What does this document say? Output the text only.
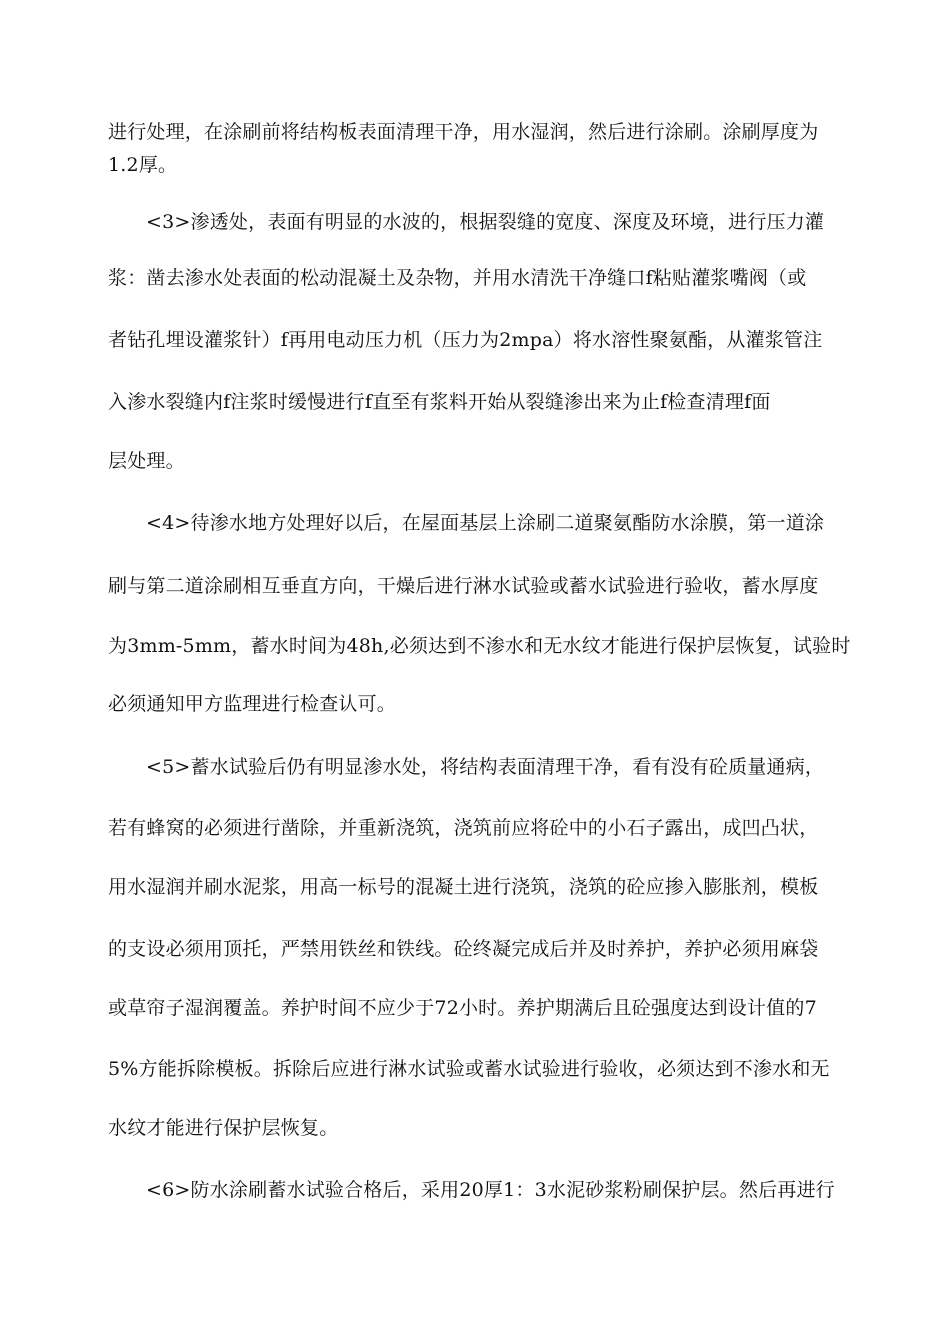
进行处理，在涂刷前将结构板表面清理干净，用水湿润，然后进行涂刷。涂刷厚度为
1.2厚。
<3>渗透处，表面有明显的水波的，根据裂缝的宽度、深度及环境，进行压力灌
浆：凿去渗水处表面的松动混凝土及杂物，并用水清洗干净缝口f粘贴灌浆嘴阀（或
者钻孔埋设灌浆针）f再用电动压力机（压力为2mpa）将水溶性聚氨酯，从灌浆管注
入渗水裂缝内f注浆时缓慢进行f直至有浆料开始从裂缝渗出来为止f检查清理f面
层处理。
<4>待渗水地方处理好以后，在屋面基层上涂刷二道聚氨酯防水涂膜，第一道涂
刷与第二道涂刷相互垂直方向，干燥后进行淋水试验或蓄水试验进行验收，蓄水厚度
为3mm-5mm，蓄水时间为48h,必须达到不渗水和无水纹才能进行保护层恢复，试验时
必须通知甲方监理进行检查认可。
<5>蓄水试验后仍有明显渗水处，将结构表面清理干净，看有没有砼质量通病，
若有蜂窝的必须进行凿除，并重新浇筑，浇筑前应将砼中的小石子露出，成凹凸状，
用水湿润并刷水泥浆，用高一标号的混凝土进行浇筑，浇筑的砼应掺入膨胀剂，模板
的支设必须用顶托，严禁用铁丝和铁线。砼终凝完成后并及时养护，养护必须用麻袋
或草帘子湿润覆盖。养护时间不应少于72小时。养护期满后且砼强度达到设计值的7
5%方能拆除模板。拆除后应进行淋水试验或蓄水试验进行验收，必须达到不渗水和无
水纹才能进行保护层恢复。
<6>防水涂刷蓄水试验合格后，采用20厚1：3水泥砂浆粉刷保护层。然后再进行
